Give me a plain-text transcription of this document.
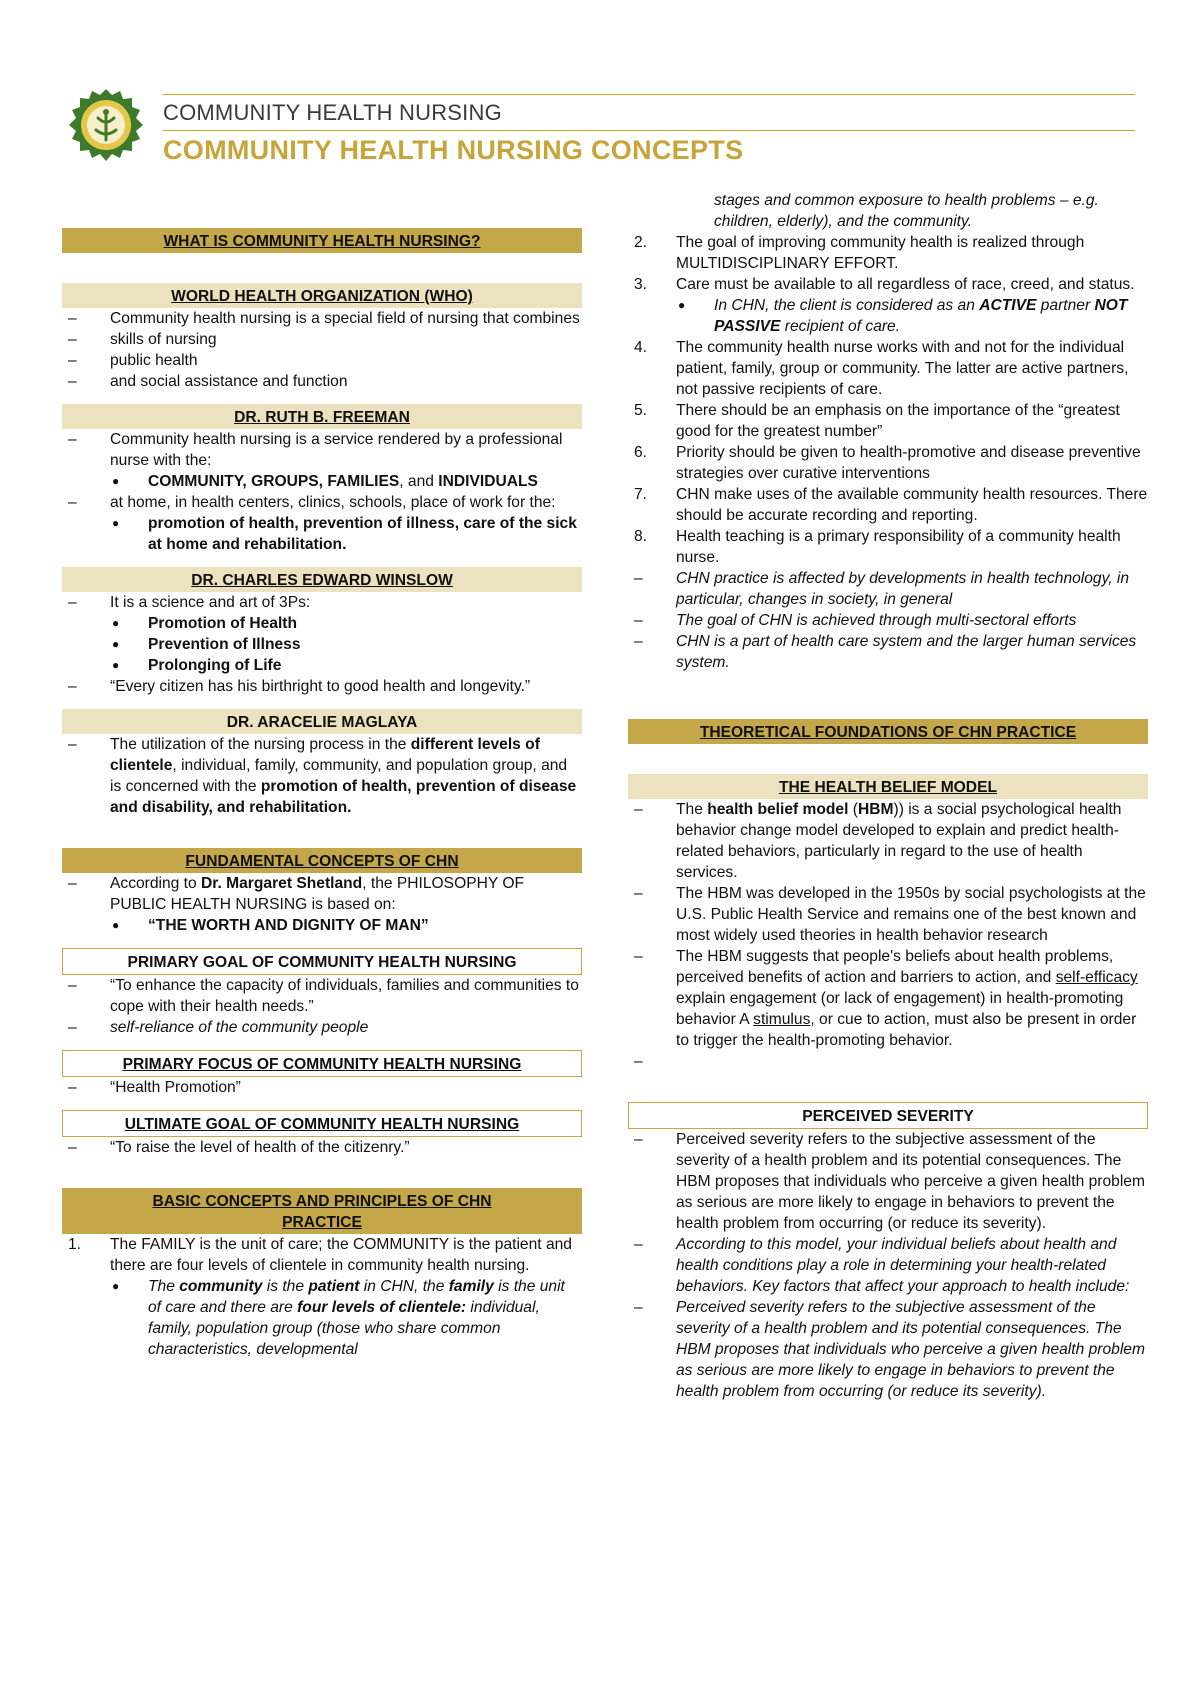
COMMUNITY HEALTH NURSING
COMMUNITY HEALTH NURSING CONCEPTS
WHAT IS COMMUNITY HEALTH NURSING?
WORLD HEALTH ORGANIZATION (WHO)
–	Community health nursing is a special field of nursing that combines
–	skills of nursing
–	public health
–	and social assistance and function
DR. RUTH B. FREEMAN
–	Community health nursing is a service rendered by a professional nurse with the:
●	COMMUNITY, GROUPS, FAMILIES, and INDIVIDUALS
–	at home, in health centers, clinics, schools, place of work for the:
●	promotion of health, prevention of illness, care of the sick at home and rehabilitation.
DR. CHARLES EDWARD WINSLOW
–	It is a science and art of 3Ps:
●	Promotion of Health
●	Prevention of Illness
●	Prolonging of Life
–	“Every citizen has his birthright to good health and longevity.”
DR. ARACELIE MAGLAYA
–	The utilization of the nursing process in the different levels of clientele, individual, family, community, and population group, and is concerned with the promotion of health, prevention of disease and disability, and rehabilitation.
FUNDAMENTAL CONCEPTS OF CHN
–	According to Dr. Margaret Shetland, the PHILOSOPHY OF PUBLIC HEALTH NURSING is based on:
●	“THE WORTH AND DIGNITY OF MAN”
PRIMARY GOAL OF COMMUNITY HEALTH NURSING
–	“To enhance the capacity of individuals, families and communities to cope with their health needs.”
–	self-reliance of the community people
PRIMARY FOCUS OF COMMUNITY HEALTH NURSING
–	“Health Promotion”
ULTIMATE GOAL OF COMMUNITY HEALTH NURSING
–	“To raise the level of health of the citizenry.”
BASIC CONCEPTS AND PRINCIPLES OF CHN PRACTICE
1.	The FAMILY is the unit of care; the COMMUNITY is the patient and there are four levels of clientele in community health nursing.
●	The community is the patient in CHN, the family is the unit of care and there are four levels of clientele: individual, family, population group (those who share common characteristics, developmental
stages and common exposure to health problems – e.g. children, elderly), and the community.
2.	The goal of improving community health is realized through MULTIDISCIPLINARY EFFORT.
3.	Care must be available to all regardless of race, creed, and status.
●	In CHN, the client is considered as an ACTIVE partner NOT PASSIVE recipient of care.
4.	The community health nurse works with and not for the individual patient, family, group or community. The latter are active partners, not passive recipients of care.
5.	There should be an emphasis on the importance of the “greatest good for the greatest number”
6.	Priority should be given to health-promotive and disease preventive strategies over curative interventions
7.	CHN make uses of the available community health resources. There should be accurate recording and reporting.
8.	Health teaching is a primary responsibility of a community health nurse.
–	CHN practice is affected by developments in health technology, in particular, changes in society, in general
–	The goal of CHN is achieved through multi-sectoral efforts
–	CHN is a part of health care system and the larger human services system.
THEORETICAL FOUNDATIONS OF CHN PRACTICE
THE HEALTH BELIEF MODEL
–	The health belief model (HBM)) is a social psychological health behavior change model developed to explain and predict health-related behaviors, particularly in regard to the use of health services.
–	The HBM was developed in the 1950s by social psychologists at the U.S. Public Health Service and remains one of the best known and most widely used theories in health behavior research
–	The HBM suggests that people's beliefs about health problems, perceived benefits of action and barriers to action, and self-efficacy explain engagement (or lack of engagement) in health-promoting behavior A stimulus, or cue to action, must also be present in order to trigger the health-promoting behavior.
–

PERCEIVED SEVERITY
–	Perceived severity refers to the subjective assessment of the severity of a health problem and its potential consequences. The HBM proposes that individuals who perceive a given health problem as serious are more likely to engage in behaviors to prevent the health problem from occurring (or reduce its severity).
–	According to this model, your individual beliefs about health and health conditions play a role in determining your health-related behaviors. Key factors that affect your approach to health include:
–	Perceived severity refers to the subjective assessment of the severity of a health problem and its potential consequences. The HBM proposes that individuals who perceive a given health problem as serious are more likely to engage in behaviors to prevent the health problem from occurring (or reduce its severity).
